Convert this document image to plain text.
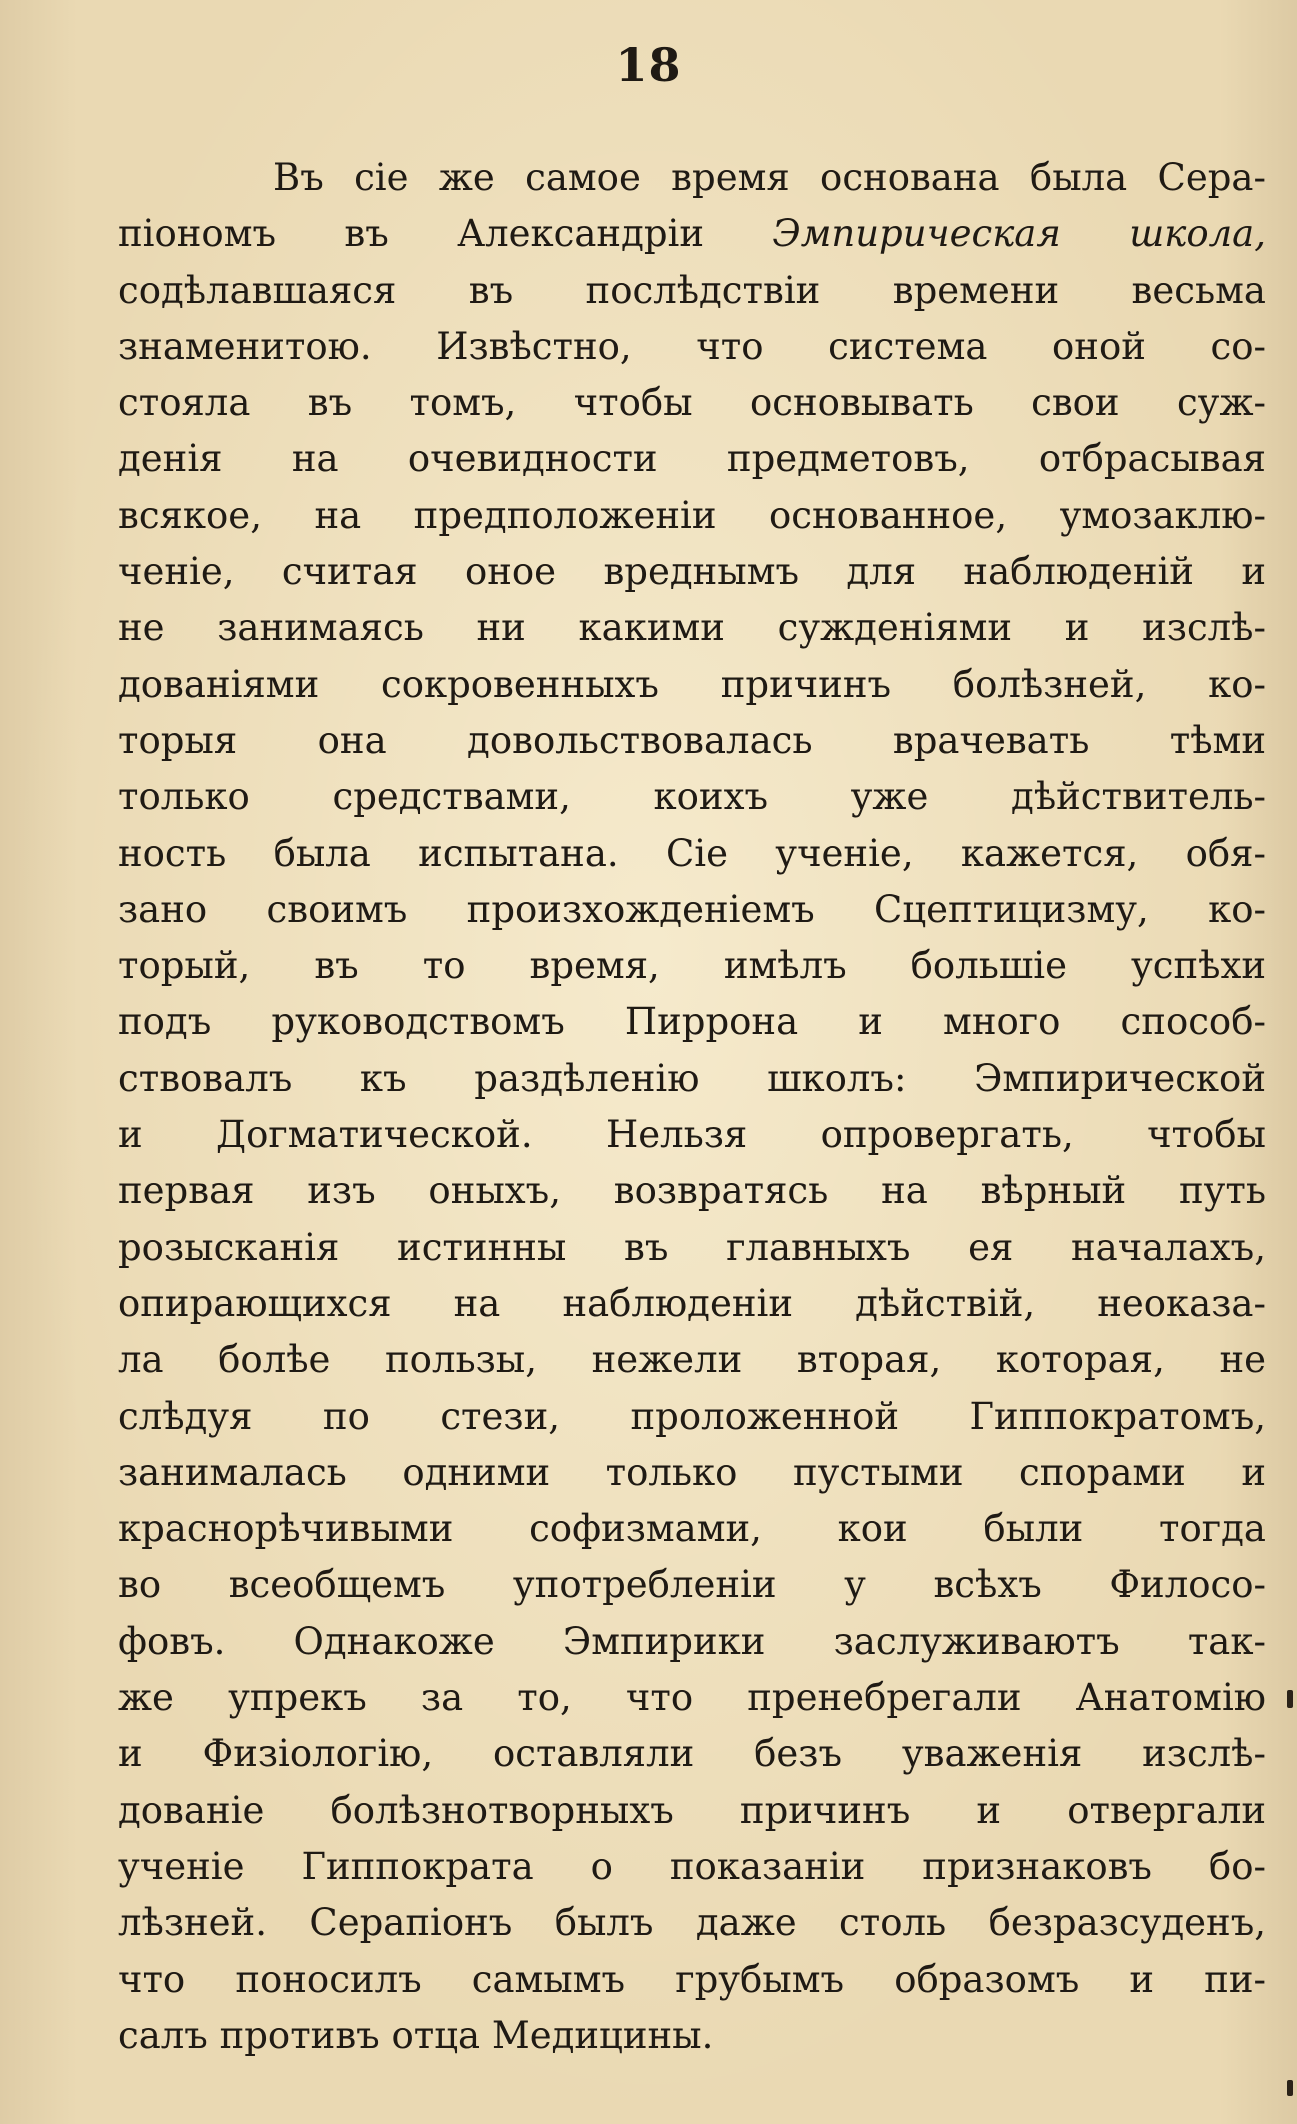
18
Въ сіе же самое время основана была Сера-
пiономъ въ Александрiи Эмпирическая школа,
содѣлавшаяся въ послѣдствiи времени весьма
знаменитою. Извѣстно, что система оной со-
стояла въ томъ, чтобы основывать свои суж-
денiя на очевидности предметовъ, отбрасывая
всякое, на предположенiи основанное, умозаклю-
ченiе, считая оное вреднымъ для наблюденiй и
не занимаясь ни какими сужденiями и изслѣ-
дованiями сокровенныхъ причинъ болѣзней, ко-
торыя она довольствовалась врачевать тѣми
только средствами, коихъ уже дѣйствитель-
ность была испытана. Сiе ученiе, кажется, обя-
зано своимъ произхожденiемъ Сцептицизму, ко-
торый, въ то время, имѣлъ большiе успѣхи
подъ руководствомъ Пиррона и много способ-
ствовалъ къ раздѣленiю школъ: Эмпирической
и Догматической. Нельзя опровергать, чтобы
первая изъ оныхъ, возвратясь на вѣрный путь
розысканiя истинны въ главныхъ ея началахъ,
опирающихся на наблюденiи дѣйствiй, неоказа-
ла болѣе пользы, нежели вторая, которая, не
слѣдуя по стези, проложенной Гиппократомъ,
занималась одними только пустыми спорами и
краснорѣчивыми софизмами, кои были тогда
во всеобщемъ употребленiи у всѣхъ Филосо-
фовъ. Однакоже Эмпирики заслуживаютъ так-
же упрекъ за то, что пренебрегали Анатомiю
и Физiологiю, оставляли безъ уваженiя изслѣ-
дованiе болѣзнотворныхъ причинъ и отвергали
ученiе Гиппократа о показанiи признаковъ бо-
лѣзней. Серапiонъ былъ даже столь безразсуденъ,
что поносилъ самымъ грубымъ образомъ и пи-
салъ противъ отца Медицины.
